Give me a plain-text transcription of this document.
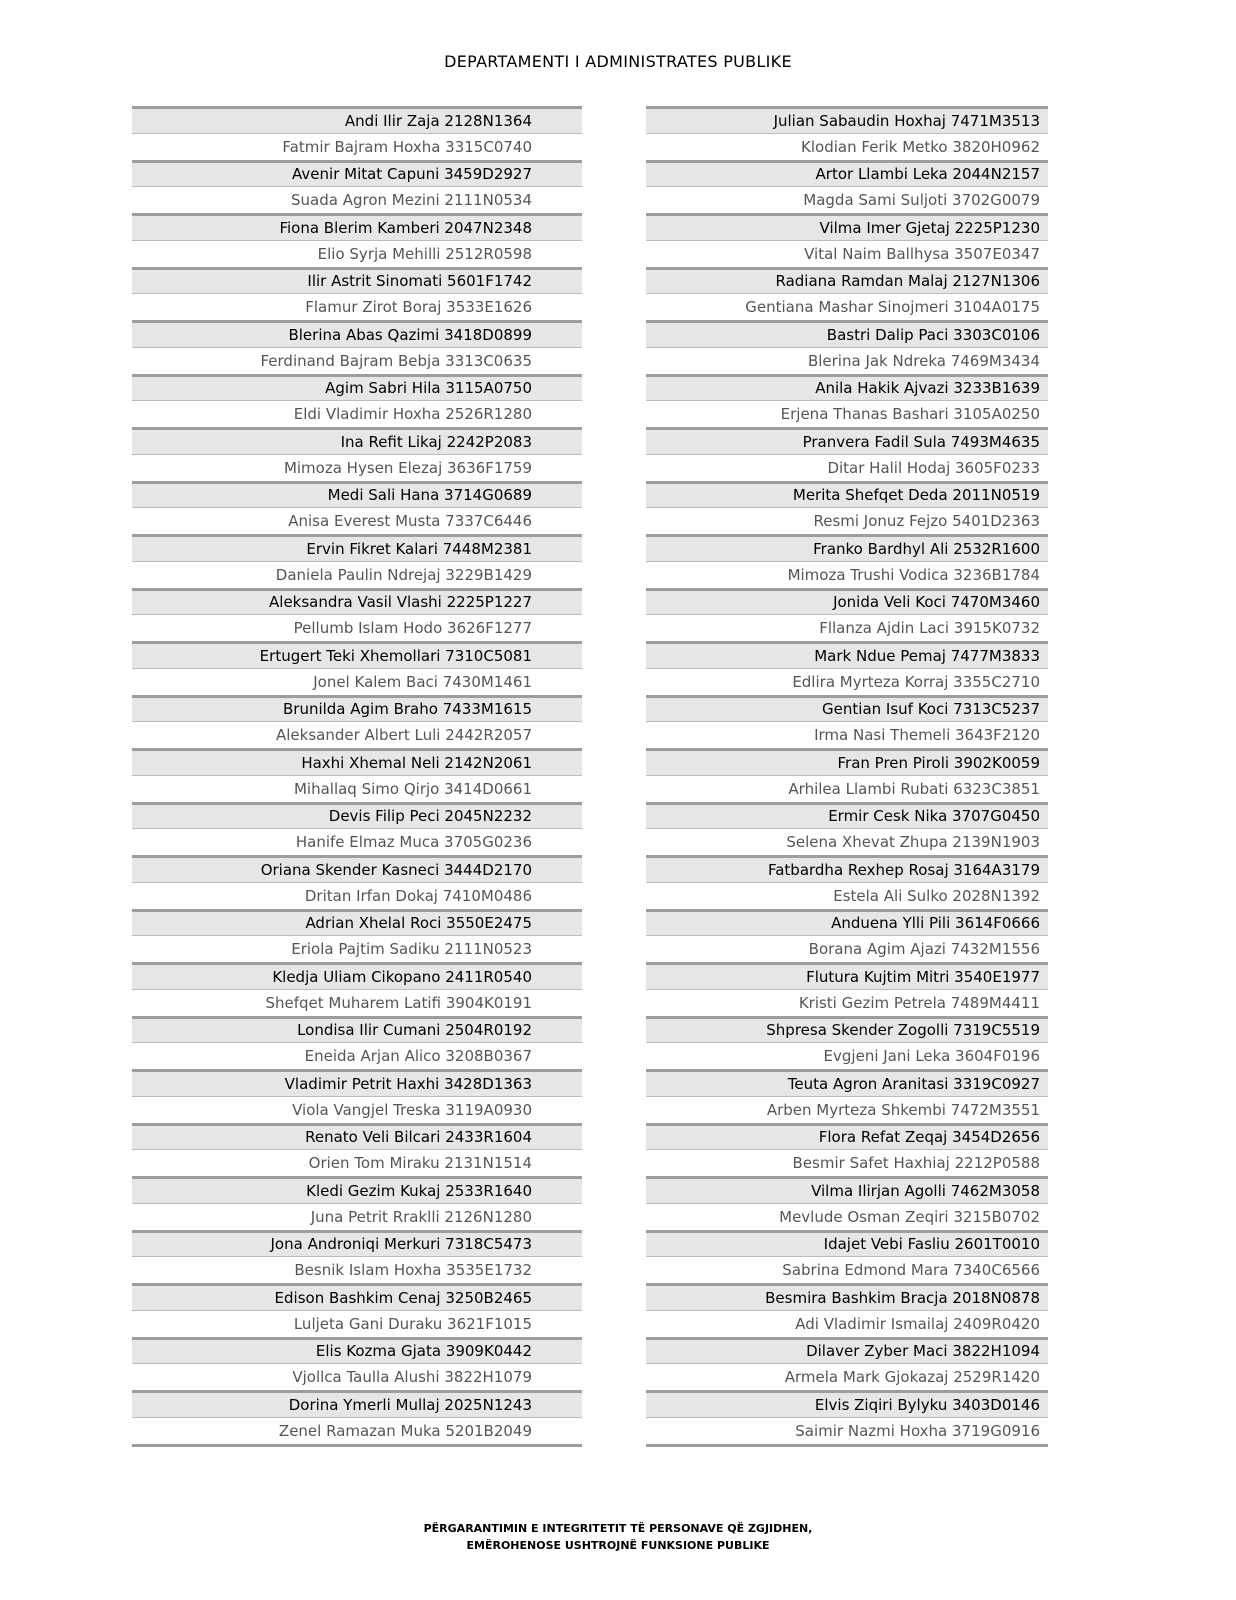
DEPARTAMENTI I ADMINISTRATES PUBLIKE
Andi Ilir Zaja 2128N1364
Fatmir Bajram Hoxha 3315C0740
Avenir Mitat Capuni 3459D2927
Suada Agron Mezini 2111N0534
Fiona Blerim Kamberi 2047N2348
Elio Syrja Mehilli 2512R0598
Ilir Astrit Sinomati 5601F1742
Flamur Zirot Boraj 3533E1626
Blerina Abas Qazimi 3418D0899
Ferdinand Bajram Bebja 3313C0635
Agim Sabri Hila 3115A0750
Eldi Vladimir Hoxha 2526R1280
Ina Refit Likaj 2242P2083
Mimoza Hysen Elezaj 3636F1759
Medi Sali Hana 3714G0689
Anisa Everest Musta 7337C6446
Ervin Fikret Kalari 7448M2381
Daniela Paulin Ndrejaj 3229B1429
Aleksandra Vasil Vlashi 2225P1227
Pellumb Islam Hodo 3626F1277
Ertugert Teki Xhemollari 7310C5081
Jonel Kalem Baci 7430M1461
Brunilda Agim Braho 7433M1615
Aleksander Albert Luli 2442R2057
Haxhi Xhemal Neli 2142N2061
Mihallaq Simo Qirjo 3414D0661
Devis Filip Peci 2045N2232
Hanife Elmaz Muca 3705G0236
Oriana Skender Kasneci 3444D2170
Dritan Irfan Dokaj 7410M0486
Adrian Xhelal Roci 3550E2475
Eriola Pajtim Sadiku 2111N0523
Kledja Uliam Cikopano 2411R0540
Shefqet Muharem Latifi 3904K0191
Londisa Ilir Cumani 2504R0192
Eneida Arjan Alico 3208B0367
Vladimir Petrit Haxhi 3428D1363
Viola Vangjel Treska 3119A0930
Renato Veli Bilcari 2433R1604
Orien Tom Miraku 2131N1514
Kledi Gezim Kukaj 2533R1640
Juna Petrit Rraklli 2126N1280
Jona Androniqi Merkuri 7318C5473
Besnik Islam Hoxha 3535E1732
Edison Bashkim Cenaj 3250B2465
Luljeta Gani Duraku 3621F1015
Elis Kozma Gjata 3909K0442
Vjollca Taulla Alushi 3822H1079
Dorina Ymerli Mullaj 2025N1243
Zenel Ramazan Muka 5201B2049
Julian Sabaudin Hoxhaj 7471M3513
Klodian Ferik Metko 3820H0962
Artor Llambi Leka 2044N2157
Magda Sami Suljoti 3702G0079
Vilma Imer Gjetaj 2225P1230
Vital Naim Ballhysa 3507E0347
Radiana Ramdan Malaj 2127N1306
Gentiana Mashar Sinojmeri 3104A0175
Bastri Dalip Paci 3303C0106
Blerina Jak Ndreka 7469M3434
Anila Hakik Ajvazi 3233B1639
Erjena Thanas Bashari 3105A0250
Pranvera Fadil Sula 7493M4635
Ditar Halil Hodaj 3605F0233
Merita Shefqet Deda 2011N0519
Resmi Jonuz Fejzo 5401D2363
Franko Bardhyl Ali 2532R1600
Mimoza Trushi Vodica 3236B1784
Jonida Veli Koci 7470M3460
Fllanza Ajdin Laci 3915K0732
Mark Ndue Pemaj 7477M3833
Edlira Myrteza Korraj 3355C2710
Gentian Isuf Koci 7313C5237
Irma Nasi Themeli 3643F2120
Fran Pren Piroli 3902K0059
Arhilea Llambi Rubati 6323C3851
Ermir Cesk Nika 3707G0450
Selena Xhevat Zhupa 2139N1903
Fatbardha Rexhep Rosaj 3164A3179
Estela Ali Sulko 2028N1392
Anduena Ylli Pili 3614F0666
Borana Agim Ajazi 7432M1556
Flutura Kujtim Mitri 3540E1977
Kristi Gezim Petrela 7489M4411
Shpresa Skender Zogolli 7319C5519
Evgjeni Jani Leka 3604F0196
Teuta Agron Aranitasi 3319C0927
Arben Myrteza Shkembi 7472M3551
Flora Refat Zeqaj 3454D2656
Besmir Safet Haxhiaj 2212P0588
Vilma Ilirjan Agolli 7462M3058
Mevlude Osman Zeqiri 3215B0702
Idajet Vebi Fasliu 2601T0010
Sabrina Edmond Mara 7340C6566
Besmira Bashkim Bracja 2018N0878
Adi Vladimir Ismailaj 2409R0420
Dilaver Zyber Maci 3822H1094
Armela Mark Gjokazaj 2529R1420
Elvis Ziqiri Bylyku 3403D0146
Saimir Nazmi Hoxha 3719G0916
PËRGARANTIMIN E INTEGRITETIT TË PERSONAVE QË ZGJIDHEN,
EMËROHENOSE USHTROJNË FUNKSIONE PUBLIKE
